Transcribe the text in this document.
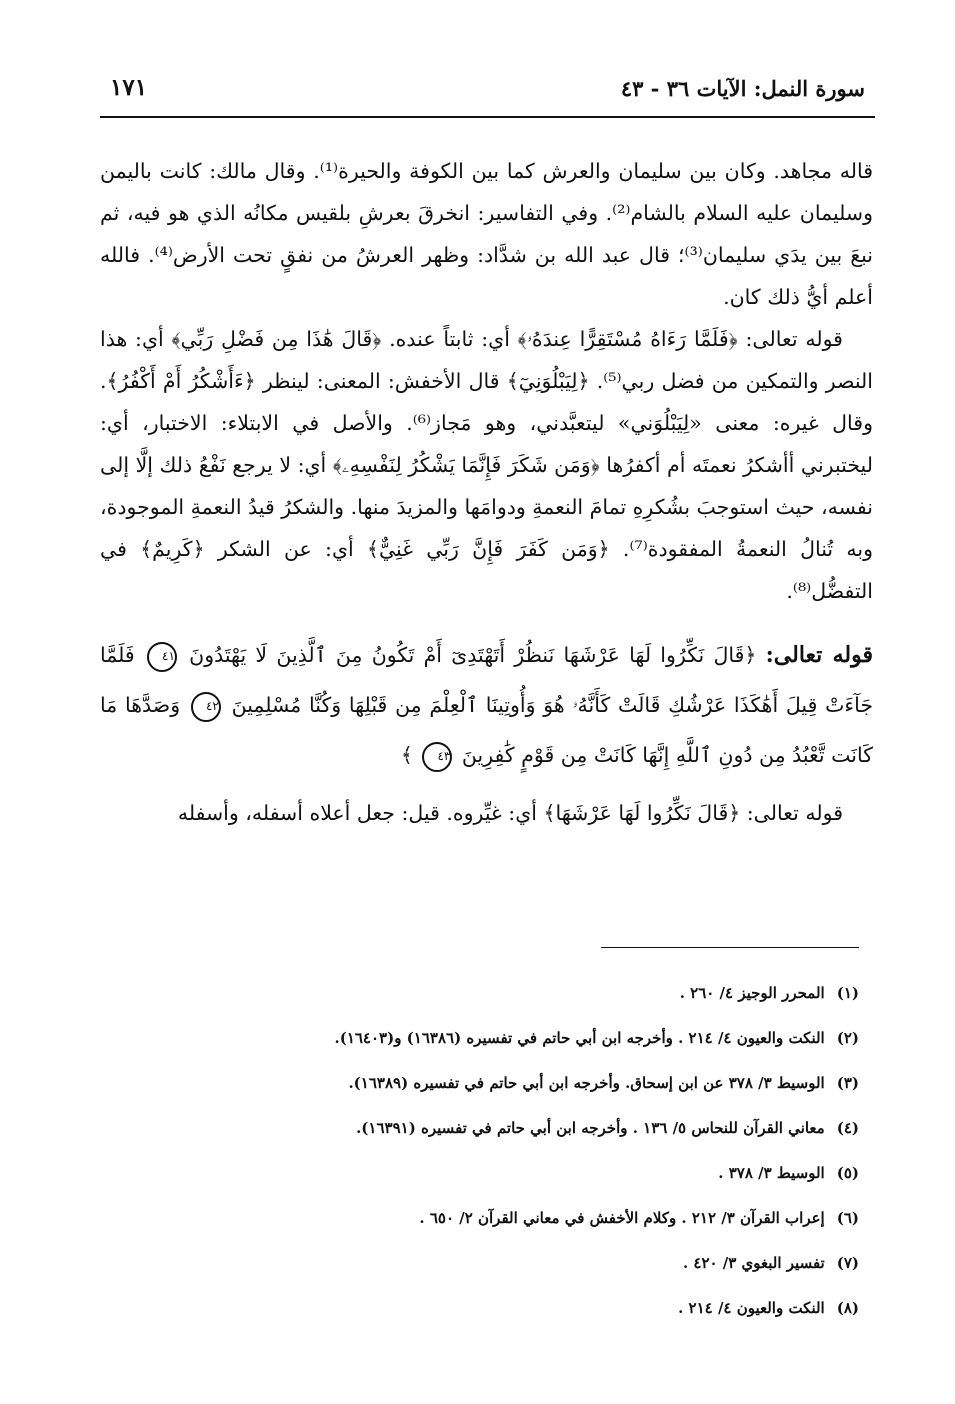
سورة النمل: الآيات ٣٦ - ٤٣
١٧١

قاله مجاهد. وكان بين سليمان والعرش كما بين الكوفة والحيرة⁽¹⁾. وقال مالك: كانت باليمن وسليمان عليه السلام بالشام⁽²⁾. وفي التفاسير: انخرقَ بعرشِ بلقيس مكانُه الذي هو فيه، ثم نبعَ بين يدَي سليمان⁽³⁾؛ قال عبد الله بن شدَّاد: وظهر العرشُ من نفقٍ تحت الأرض⁽⁴⁾. فالله أعلم أيُّ ذلك كان.

قوله تعالى: ﴿فَلَمَّا رَءَاهُ مُسْتَقِرًّا عِندَهُۥ﴾ أي: ثابتاً عنده. ﴿قَالَ هَٰذَا مِن فَضْلِ رَبِّي﴾ أي: هذا النصر والتمكين من فضل ربي⁽⁵⁾. ﴿لِيَبْلُوَنِيٓ﴾ قال الأخفش: المعنى: لينظر ﴿ءَأَشْكُرُ أَمْ أَكْفُرُ﴾. وقال غيره: معنى «لِيَبْلُوَني» ليتعبَّدني، وهو مَجاز⁽⁶⁾. والأصل في الابتلاء: الاختبار، أي: ليختبرني أأشكرُ نعمتَه أم أكفرُها ﴿وَمَن شَكَرَ فَإِنَّمَا يَشْكُرُ لِنَفْسِهِۦ﴾ أي: لا يرجع نَفْعُ ذلك إلَّا إلى نفسه، حيث استوجبَ بشُكرِهِ تمامَ النعمةِ ودوامَها والمزيدَ منها. والشكرُ قيدُ النعمةِ الموجودة، وبه تُنالُ النعمةُ المفقودة⁽⁷⁾. ﴿وَمَن كَفَرَ فَإِنَّ رَبِّي غَنِيٌّ﴾ أي: عن الشكر ﴿كَرِيمٌ﴾ في التفضُّل⁽⁸⁾.

قوله تعالى: ﴿قَالَ نَكِّرُوا لَهَا عَرْشَهَا نَنظُرْ أَتَهْتَدِىٓ أَمْ تَكُونُ مِنَ ٱلَّذِينَ لَا يَهْتَدُونَ ٤١ فَلَمَّا جَآءَتْ قِيلَ أَهَٰكَذَا عَرْشُكِ قَالَتْ كَأَنَّهُۥ هُوَ وَأُوتِينَا ٱلْعِلْمَ مِن قَبْلِهَا وَكُنَّا مُسْلِمِينَ ٤٢ وَصَدَّهَا مَا كَانَت تَّعْبُدُ مِن دُونِ ٱللَّهِ إِنَّهَا كَانَتْ مِن قَوْمٍ كَٰفِرِينَ ٤٣ ﴾

قوله تعالى: ﴿قَالَ نَكِّرُوا لَهَا عَرْشَهَا﴾ أي: غيِّروه. قيل: جعل أعلاه أسفله، وأسفله

(١)المحرر الوجيز ٤/ ٢٦٠ .
(٢)النكت والعيون ٤/ ٢١٤ . وأخرجه ابن أبي حاتم في تفسيره (١٦٣٨٦) و(١٦٤٠٣).
(٣)الوسيط ٣/ ٣٧٨ عن ابن إسحاق. وأخرجه ابن أبي حاتم في تفسيره (١٦٣٨٩).
(٤)معاني القرآن للنحاس ٥/ ١٣٦ . وأخرجه ابن أبي حاتم في تفسيره (١٦٣٩١).
(٥)الوسيط ٣/ ٣٧٨ .
(٦)إعراب القرآن ٣/ ٢١٢ . وكلام الأخفش في معاني القرآن ٢/ ٦٥٠ .
(٧)تفسير البغوي ٣/ ٤٢٠ .
(٨)النكت والعيون ٤/ ٢١٤ .
